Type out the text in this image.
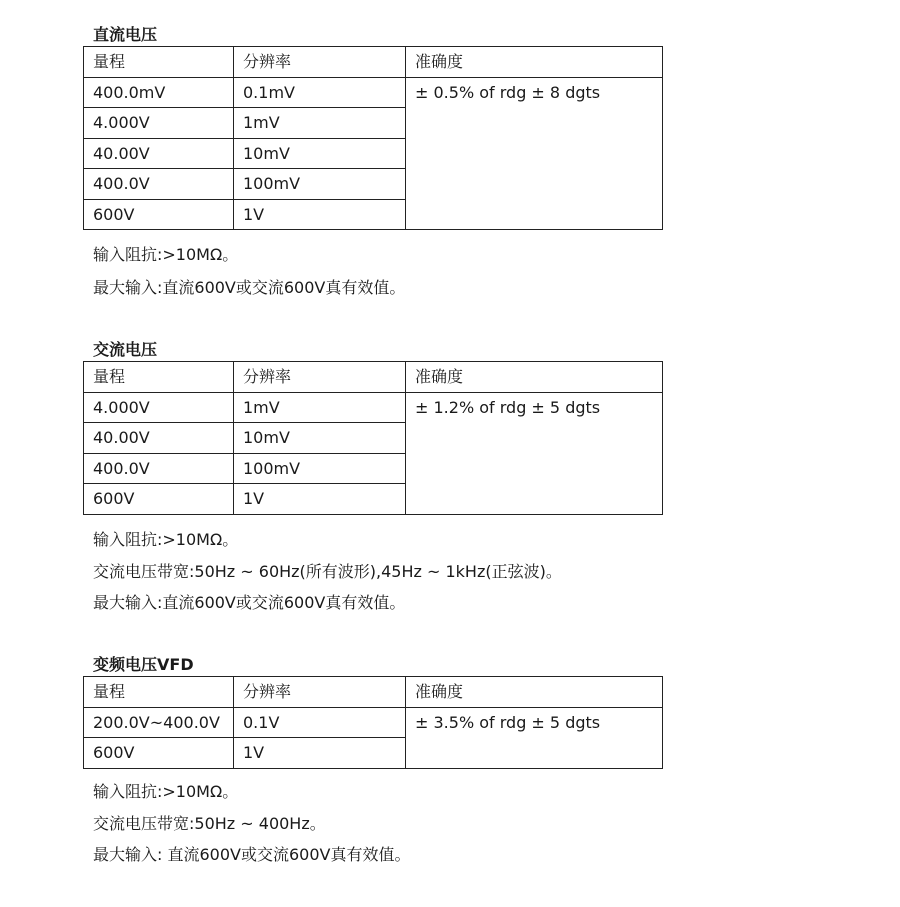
直流电压
量程	分辨率	准确度
400.0mV	0.1mV	± 0.5% of rdg ± 8 dgts
4.000V	1mV	
40.00V	10mV	
400.0V	100mV	
600V	1V	
输入阻抗:>10MΩ。
最大输入:直流600V或交流600V真有效值。
交流电压
量程	分辨率	准确度
4.000V	1mV	± 1.2% of rdg ± 5 dgts
40.00V	10mV	
400.0V	100mV	
600V	1V	
输入阻抗:>10MΩ。
交流电压带宽:50Hz ~ 60Hz(所有波形),45Hz ~ 1kHz(正弦波)。
最大输入:直流600V或交流600V真有效值。
变频电压VFD
量程	分辨率	准确度
200.0V~400.0V	0.1V	± 3.5% of rdg ± 5 dgts
600V	1V	
输入阻抗:>10MΩ。
交流电压带宽:50Hz ~ 400Hz。
最大输入: 直流600V或交流600V真有效值。
